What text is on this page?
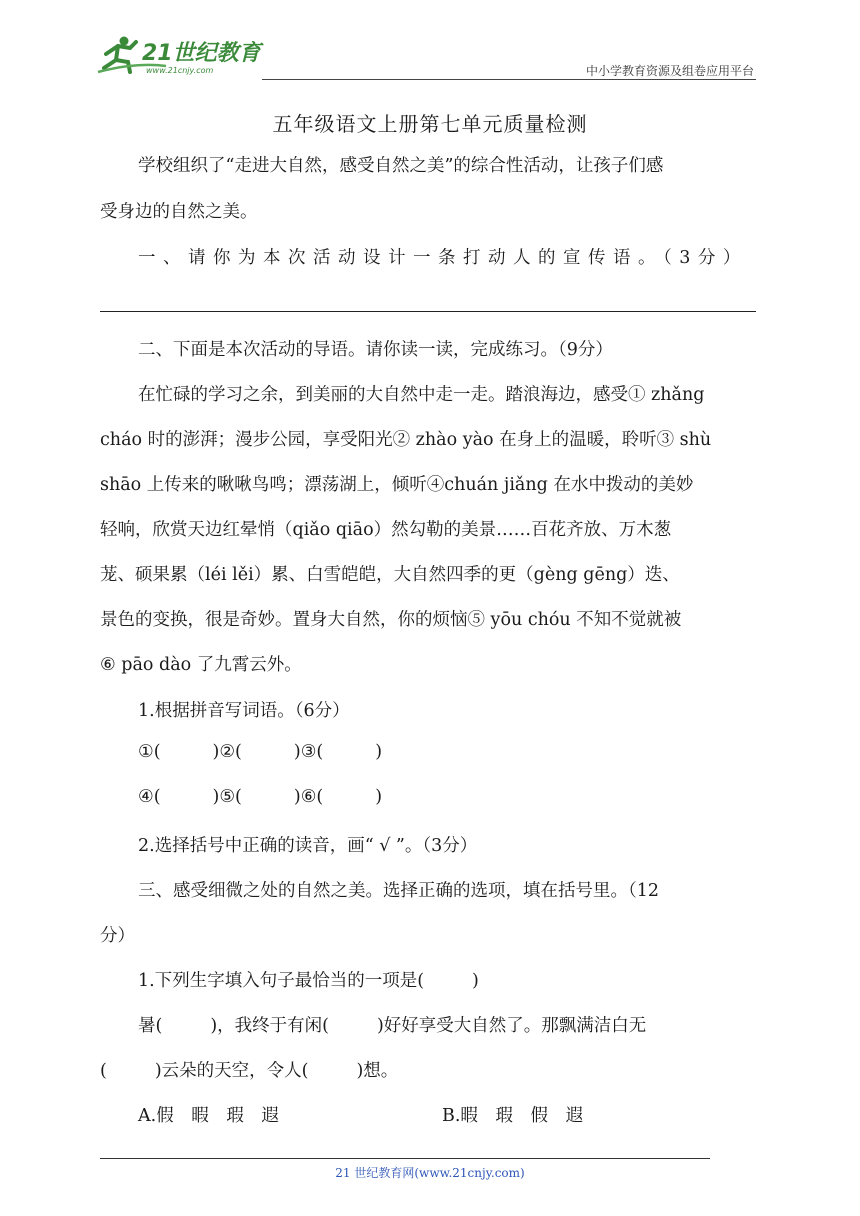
21世纪教育
www.21cnjy.com	中小学教育资源及组卷应用平台
五年级语文上册第七单元质量检测
学校组织了“走进大自然，感受自然之美”的综合性活动，让孩子们感
受身边的自然之美。
一、请你为本次活动设计一条打动人的宣传语。（3分）
二、下面是本次活动的导语。请你读一读，完成练习。（9分）
在忙碌的学习之余，到美丽的大自然中走一走。踏浪海边，感受① zhǎng
cháo 时的澎湃；漫步公园，享受阳光② zhào yào 在身上的温暖，聆听③ shù
shāo 上传来的啾啾鸟鸣；漂荡湖上，倾听④chuán jiǎng 在水中拨动的美妙
轻响，欣赏天边红晕悄（qiǎo qiāo）然勾勒的美景……百花齐放、万木葱
茏、硕果累（léi lěi）累、白雪皑皑，大自然四季的更（gèng gēng）迭、
景色的变换，很是奇妙。置身大自然，你的烦恼⑤ yōu chóu 不知不觉就被
⑥ pāo dào 了九霄云外。
1.根据拼音写词语。（6分）
①(	)②(	)③(	)
④(	)⑤(	)⑥(	)
2.选择括号中正确的读音，画“ √ ”。（3分）
三、感受细微之处的自然之美。选择正确的选项，填在括号里。（12
分）
1.下列生字填入句子最恰当的一项是(	)
暑(	)，我终于有闲(	)好好享受大自然了。那飘满洁白无
(	)云朵的天空，令人(	)想。
A.假 暇 瑕 遐	B.暇 瑕 假 遐
21 世纪教育网(www.21cnjy.com)
